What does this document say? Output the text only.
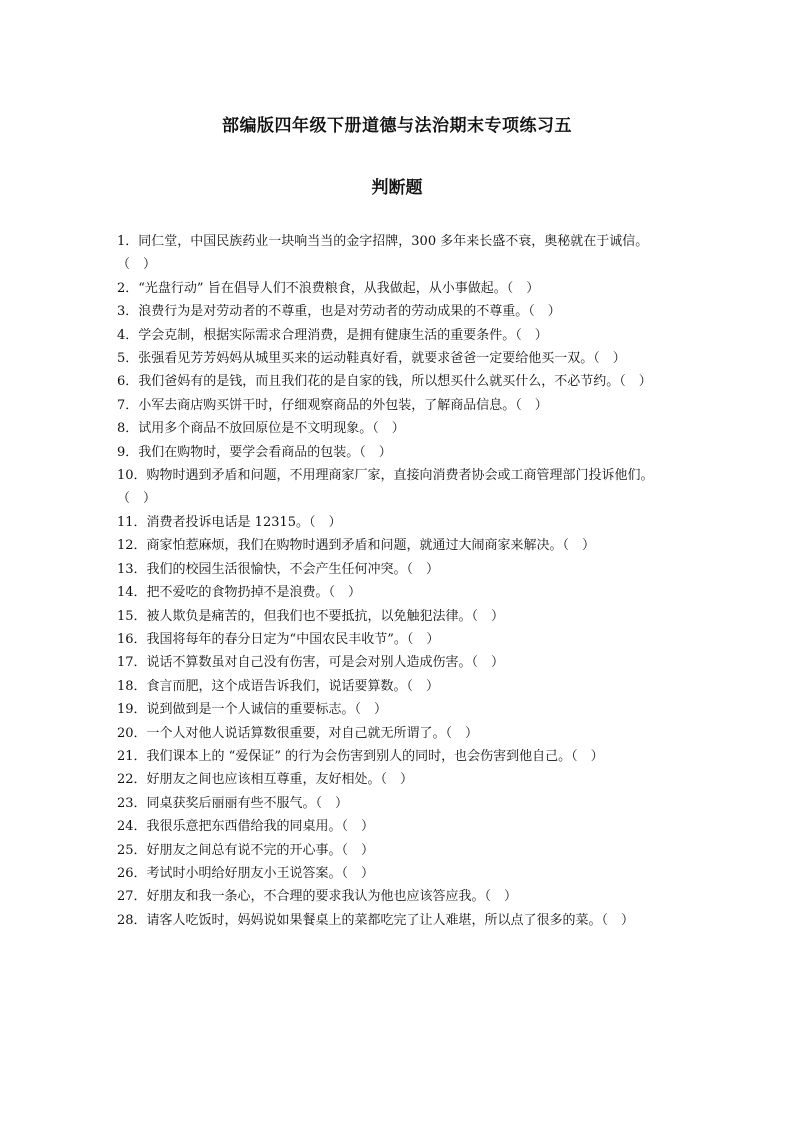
部编版四年级下册道德与法治期末专项练习五
判断题
1．同仁堂，中国民族药业一块响当当的金字招牌，300 多年来长盛不衰，奥秘就在于诚信。（　）
2．“光盘行动” 旨在倡导人们不浪费粮食，从我做起，从小事做起。（　）
3．浪费行为是对劳动者的不尊重，也是对劳动者的劳动成果的不尊重。（　）
4．学会克制，根据实际需求合理消费，是拥有健康生活的重要条件。（　）
5．张强看见芳芳妈妈从城里买来的运动鞋真好看，就要求爸爸一定要给他买一双。（　）
6．我们爸妈有的是钱，而且我们花的是自家的钱，所以想买什么就买什么，不必节约。（　）
7．小军去商店购买饼干时，仔细观察商品的外包装，了解商品信息。（　）
8．试用多个商品不放回原位是不文明现象。（　）
9．我们在购物时，要学会看商品的包装。（　）
10．购物时遇到矛盾和问题，不用理商家厂家，直接向消费者协会或工商管理部门投诉他们。（　）
11．消费者投诉电话是 12315。（　）
12．商家怕惹麻烦，我们在购物时遇到矛盾和问题，就通过大闹商家来解决。（　）
13．我们的校园生活很愉快，不会产生任何冲突。（　）
14．把不爱吃的食物扔掉不是浪费。（　）
15．被人欺负是痛苦的，但我们也不要抵抗，以免触犯法律。（　）
16．我国将每年的春分日定为“中国农民丰收节”。（　）
17．说话不算数虽对自己没有伤害，可是会对别人造成伤害。（　）
18．食言而肥，这个成语告诉我们，说话要算数。（　）
19．说到做到是一个人诚信的重要标志。（　）
20．一个人对他人说话算数很重要，对自己就无所谓了。（　）
21．我们课本上的 “爱保证” 的行为会伤害到别人的同时，也会伤害到他自己。（　）
22．好朋友之间也应该相互尊重，友好相处。（　）
23．同桌获奖后丽丽有些不服气。（　）
24．我很乐意把东西借给我的同桌用。（　）
25．好朋友之间总有说不完的开心事。（　）
26．考试时小明给好朋友小王说答案。（　）
27．好朋友和我一条心，不合理的要求我认为他也应该答应我。（　）
28．请客人吃饭时，妈妈说如果餐桌上的菜都吃完了让人难堪，所以点了很多的菜。（　）
